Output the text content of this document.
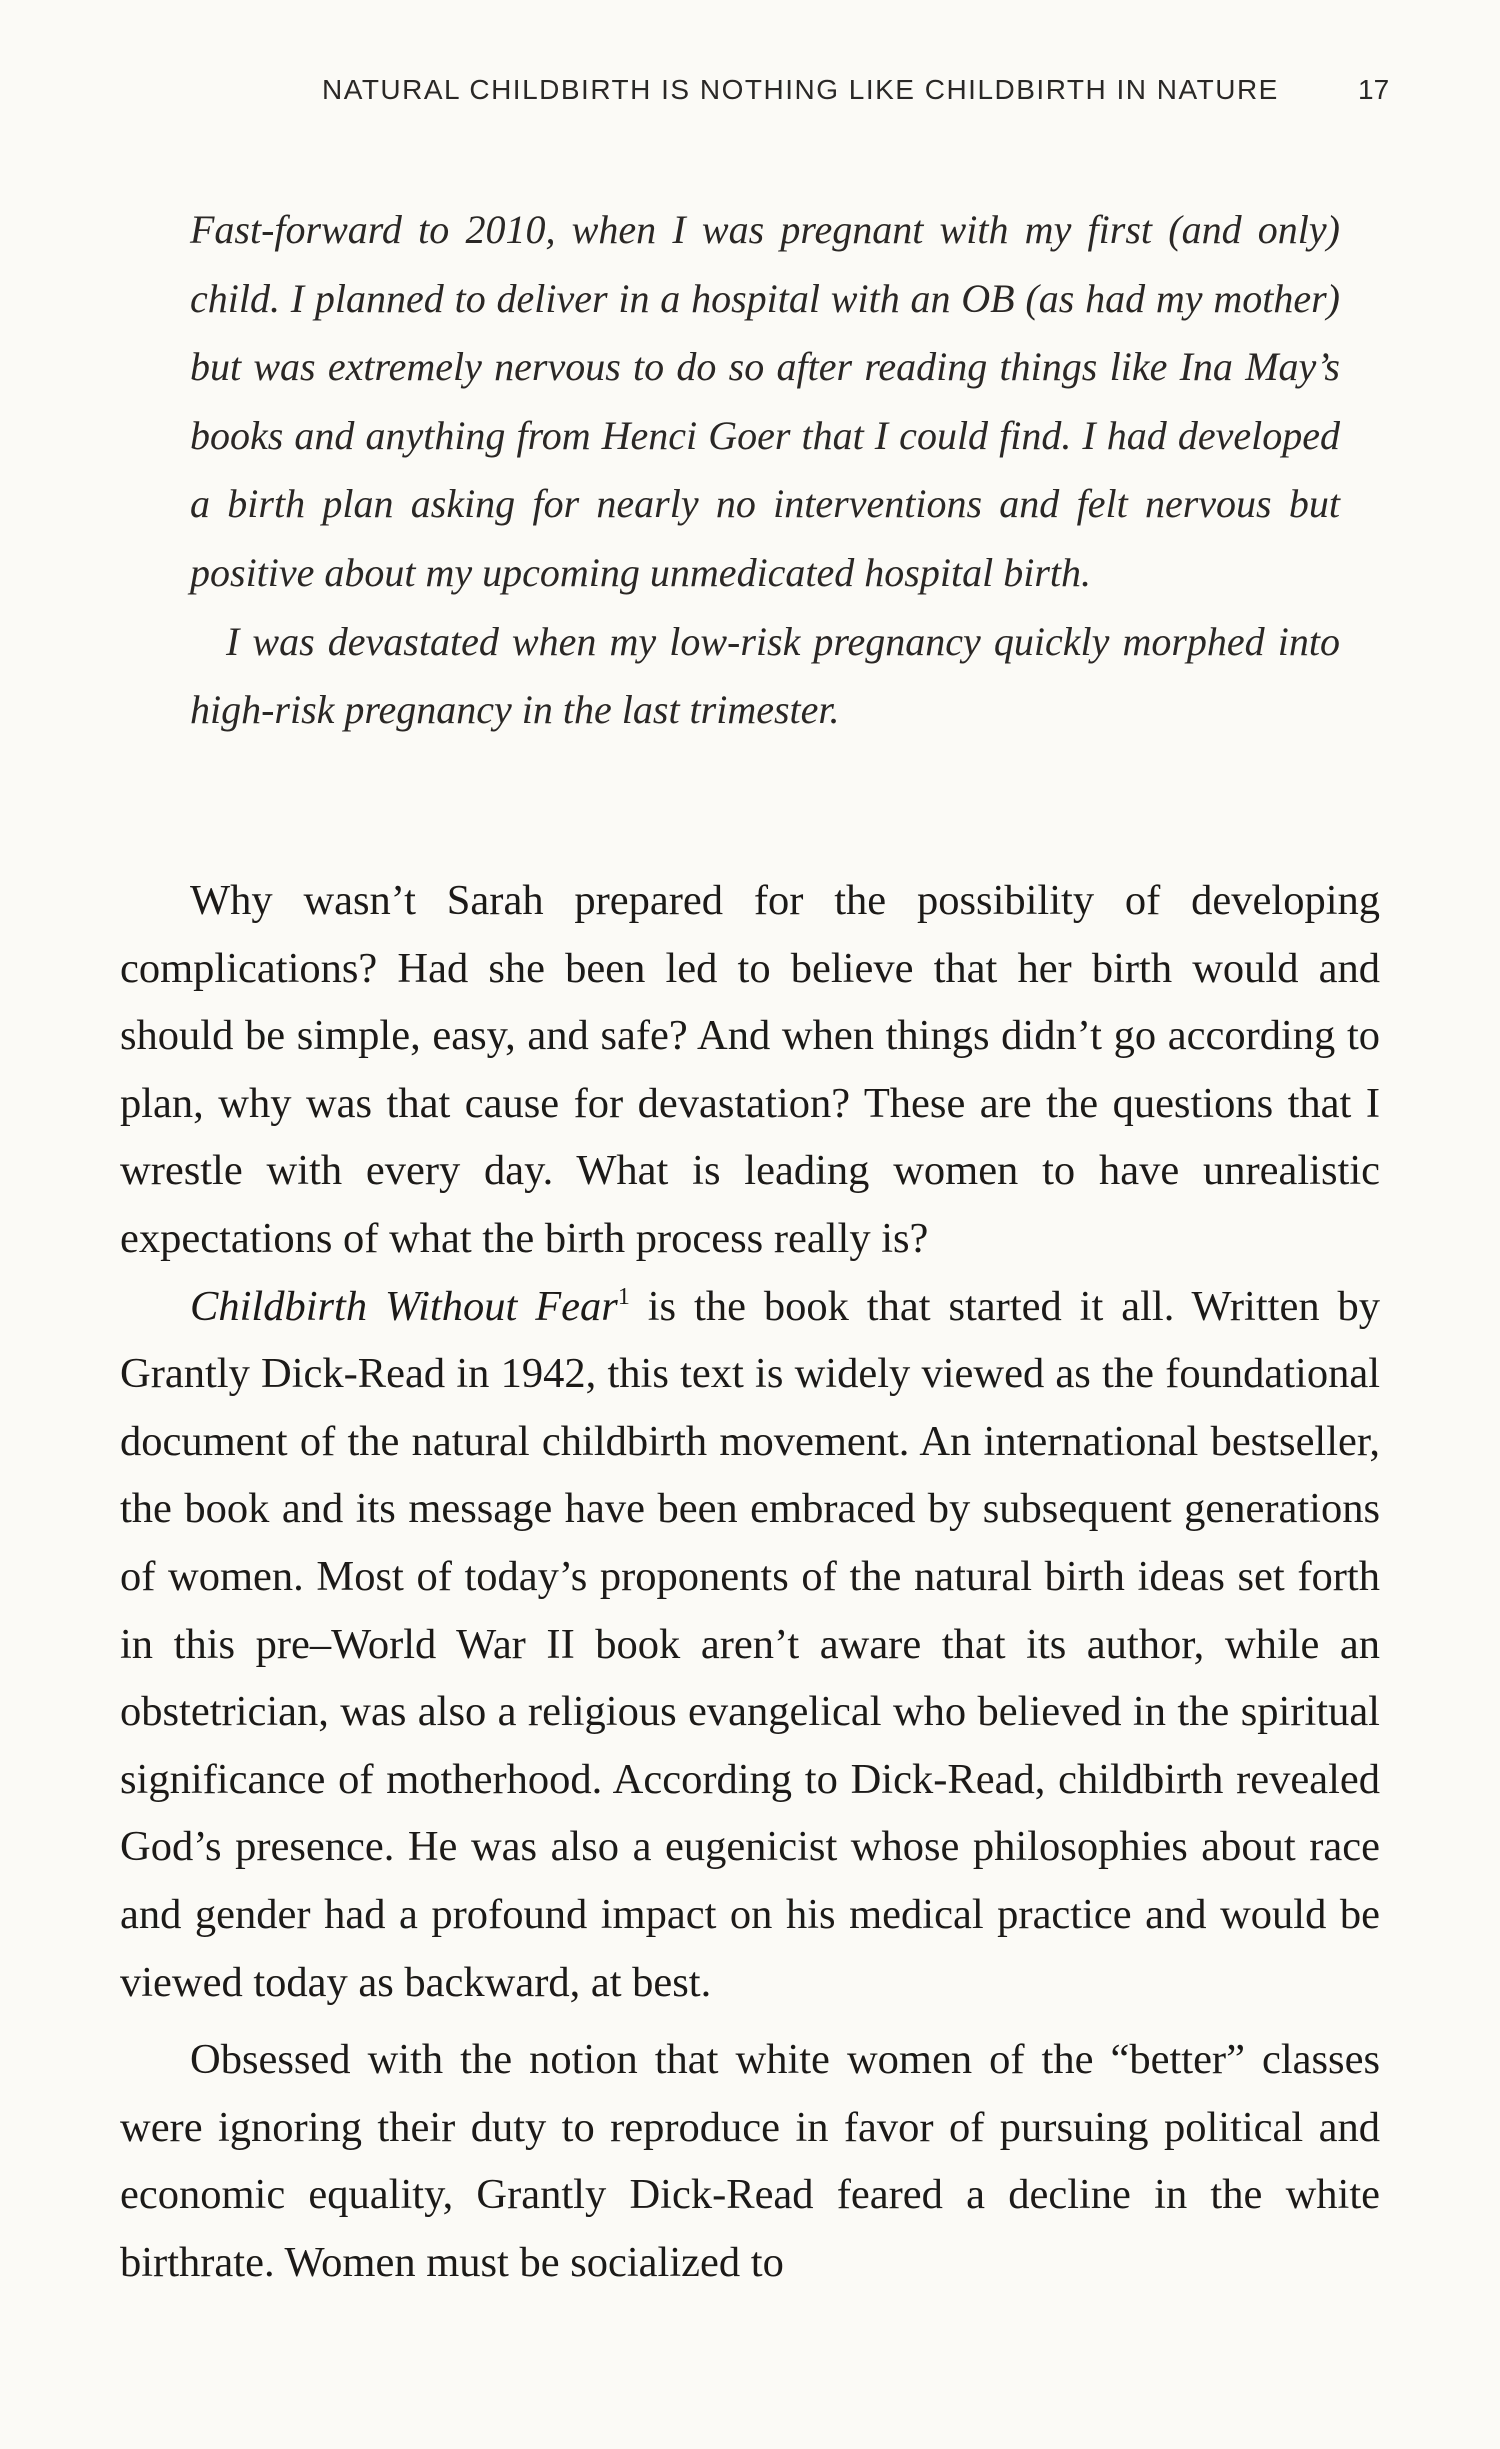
NATURAL CHILDBIRTH IS NOTHING LIKE CHILDBIRTH IN NATURE	17

Fast-forward to 2010, when I was pregnant with my first (and only) child. I planned to deliver in a hospital with an OB (as had my mother) but was extremely nervous to do so after reading things like Ina May’s books and anything from Henci Goer that I could find. I had developed a birth plan asking for nearly no interventions and felt nervous but positive about my upcoming unmedicated hospital birth.

I was devastated when my low-risk pregnancy quickly morphed into high-risk pregnancy in the last trimester.

Why wasn’t Sarah prepared for the possibility of developing complications? Had she been led to believe that her birth would and should be simple, easy, and safe? And when things didn’t go according to plan, why was that cause for devastation? These are the questions that I wrestle with every day. What is leading women to have unrealistic expectations of what the birth process really is?

Childbirth Without Fear$^1$ is the book that started it all. Written by Grantly Dick-Read in 1942, this text is widely viewed as the foundational document of the natural childbirth movement. An international bestseller, the book and its message have been embraced by subsequent generations of women. Most of today’s proponents of the natural birth ideas set forth in this pre–World War II book aren’t aware that its author, while an obstetrician, was also a religious evangelical who believed in the spiritual significance of motherhood. According to Dick-Read, childbirth revealed God’s presence. He was also a eugenicist whose philosophies about race and gender had a profound impact on his medical practice and would be viewed today as backward, at best.

Obsessed with the notion that white women of the “better” classes were ignoring their duty to reproduce in favor of pursuing political and economic equality, Grantly Dick-Read feared a decline in the white birthrate. Women must be socialized to
